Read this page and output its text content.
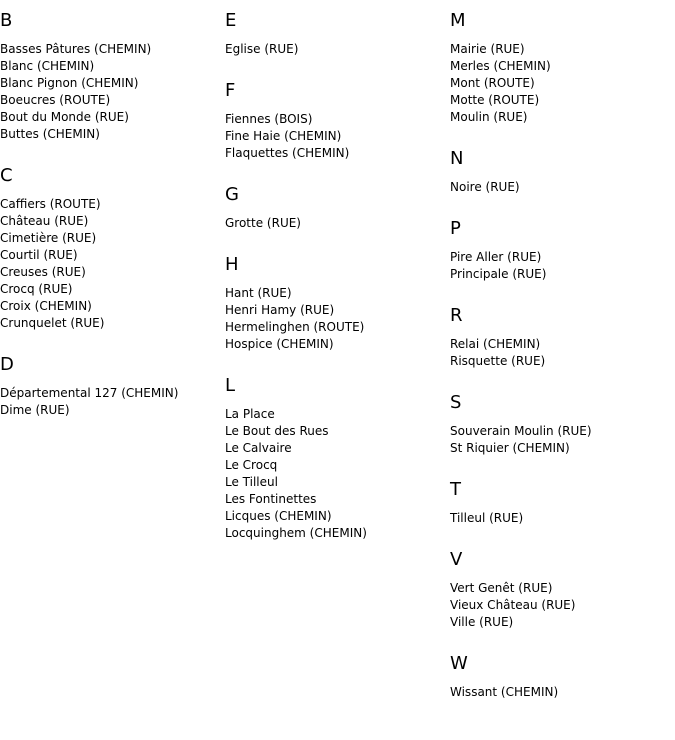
B
Basses Pâtures (CHEMIN)
Blanc (CHEMIN)
Blanc Pignon (CHEMIN)
Boeucres (ROUTE)
Bout du Monde (RUE)
Buttes (CHEMIN)
C
Caffiers (ROUTE)
Château (RUE)
Cimetière (RUE)
Courtil (RUE)
Creuses (RUE)
Crocq (RUE)
Croix (CHEMIN)
Crunquelet (RUE)
D
Départemental 127 (CHEMIN)
Dime (RUE)
E
Eglise (RUE)
F
Fiennes (BOIS)
Fine Haie (CHEMIN)
Flaquettes (CHEMIN)
G
Grotte (RUE)
H
Hant (RUE)
Henri Hamy (RUE)
Hermelinghen (ROUTE)
Hospice (CHEMIN)
L
La Place
Le Bout des Rues
Le Calvaire
Le Crocq
Le Tilleul
Les Fontinettes
Licques (CHEMIN)
Locquinghem (CHEMIN)
M
Mairie (RUE)
Merles (CHEMIN)
Mont (ROUTE)
Motte (ROUTE)
Moulin (RUE)
N
Noire (RUE)
P
Pire Aller (RUE)
Principale (RUE)
R
Relai (CHEMIN)
Risquette (RUE)
S
Souverain Moulin (RUE)
St Riquier (CHEMIN)
T
Tilleul (RUE)
V
Vert Genêt (RUE)
Vieux Château (RUE)
Ville (RUE)
W
Wissant (CHEMIN)
